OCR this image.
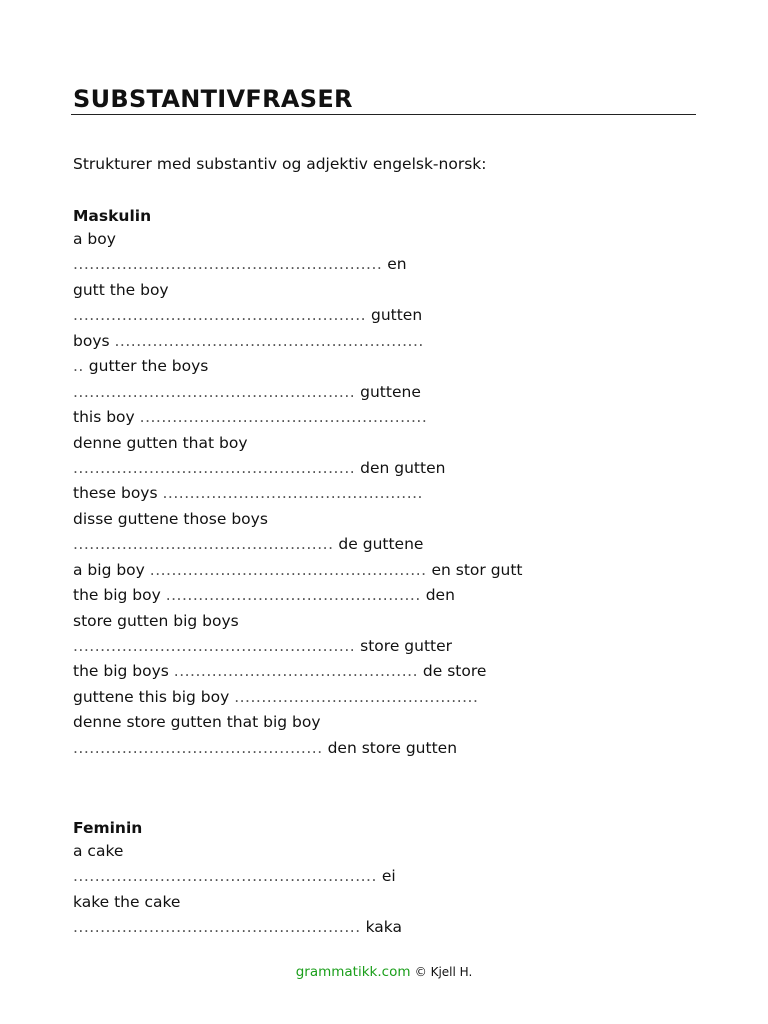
SUBSTANTIVFRASER

Strukturer med substantiv og adjektiv engelsk-norsk:

Maskulin

a boy

......................................................... en

gutt the boy

...................................................... gutten

boys .........................................................

.. gutter the boys

.................................................... guttene

this boy .....................................................

denne gutten that boy

.................................................... den gutten

these boys ................................................

disse guttene those boys

................................................ de guttene

a big boy ................................................... en stor gutt

the big boy ............................................... den

store gutten big boys

.................................................... store gutter

the big boys ............................................. de store

guttene this big boy .............................................

denne store gutten that big boy

.............................................. den store gutten

Feminin

a cake

........................................................ ei

kake the cake

..................................................... kaka

grammatikk.com © Kjell H.
